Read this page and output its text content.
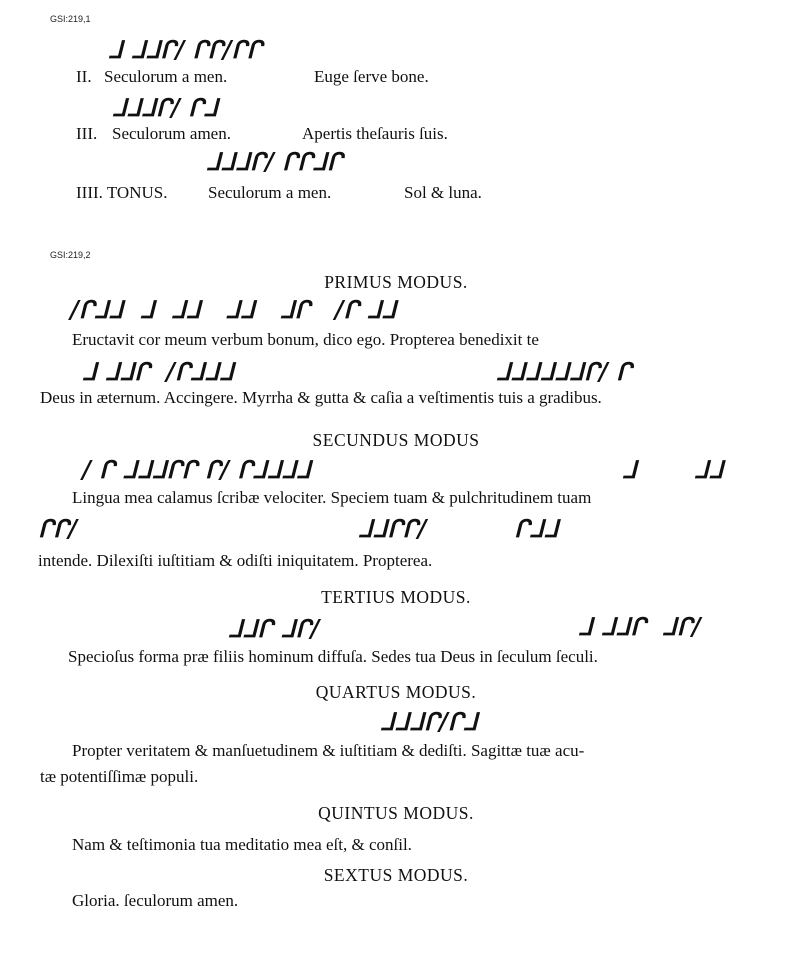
GSI:219,1
ᒧ ᒧᒧᒋ/ ᒋᒋ/ᒋᒋ
II. Seculorum a men.	Euge ſerve bone.
ᒧᒧᒧᒋ/ ᒋᒧ
III. Seculorum amen.	Apertis theſauris ſuis.
ᒧᒧᒧᒋ/ ᒋᒋᒧᒋ
IIII. TONUS. Seculorum a men.	Sol & luna.
GSI:219,2
PRIMUS MODUS.
/ᒋᒧᒧ  ᒧ  ᒧᒧ   ᒧᒧ   ᒧᒋ   /ᒋ ᒧᒧ
Eructavit cor meum verbum bonum, dico ego. Propterea benedixit te
ᒧ ᒧᒧᒋ  /ᒋᒧᒧᒧ	ᒧᒧᒧᒧᒧᒧᒋ/ ᒋ
Deus in æternum. Accingere. Myrrha & gutta & caſia a veſtimentis tuis a gradibus.
SECUNDUS MODUS
/ ᒋ ᒧᒧᒧᒋᒋ ᒋ/ ᒋᒧᒧᒧᒧ	ᒧ ᒧᒧ
Lingua mea calamus ſcribæ velociter. Speciem tuam & pulchritudinem tuam
ᒋᒋ/	ᒧᒧᒋᒋ/	ᒋᒧᒧ
intende. Dilexiſti iuſtitiam & odiſti iniquitatem. Propterea.
TERTIUS MODUS.
ᒧᒧᒋ ᒧᒋ/	ᒧ ᒧᒧᒋ  ᒧᒋ/
Specioſus forma præ filiis hominum diffuſa. Sedes tua Deus in ſeculum ſeculi.
QUARTUS MODUS.
ᒧᒧᒧᒋ/ᒋᒧ
Propter veritatem & manſuetudinem & iuſtitiam & dediſti. Sagittæ tuæ acu-
tæ potentiſſimæ populi.
QUINTUS MODUS.
Nam & teſtimonia tua meditatio mea eſt, & conſil.
SEXTUS MODUS.
Gloria. ſeculorum amen.
